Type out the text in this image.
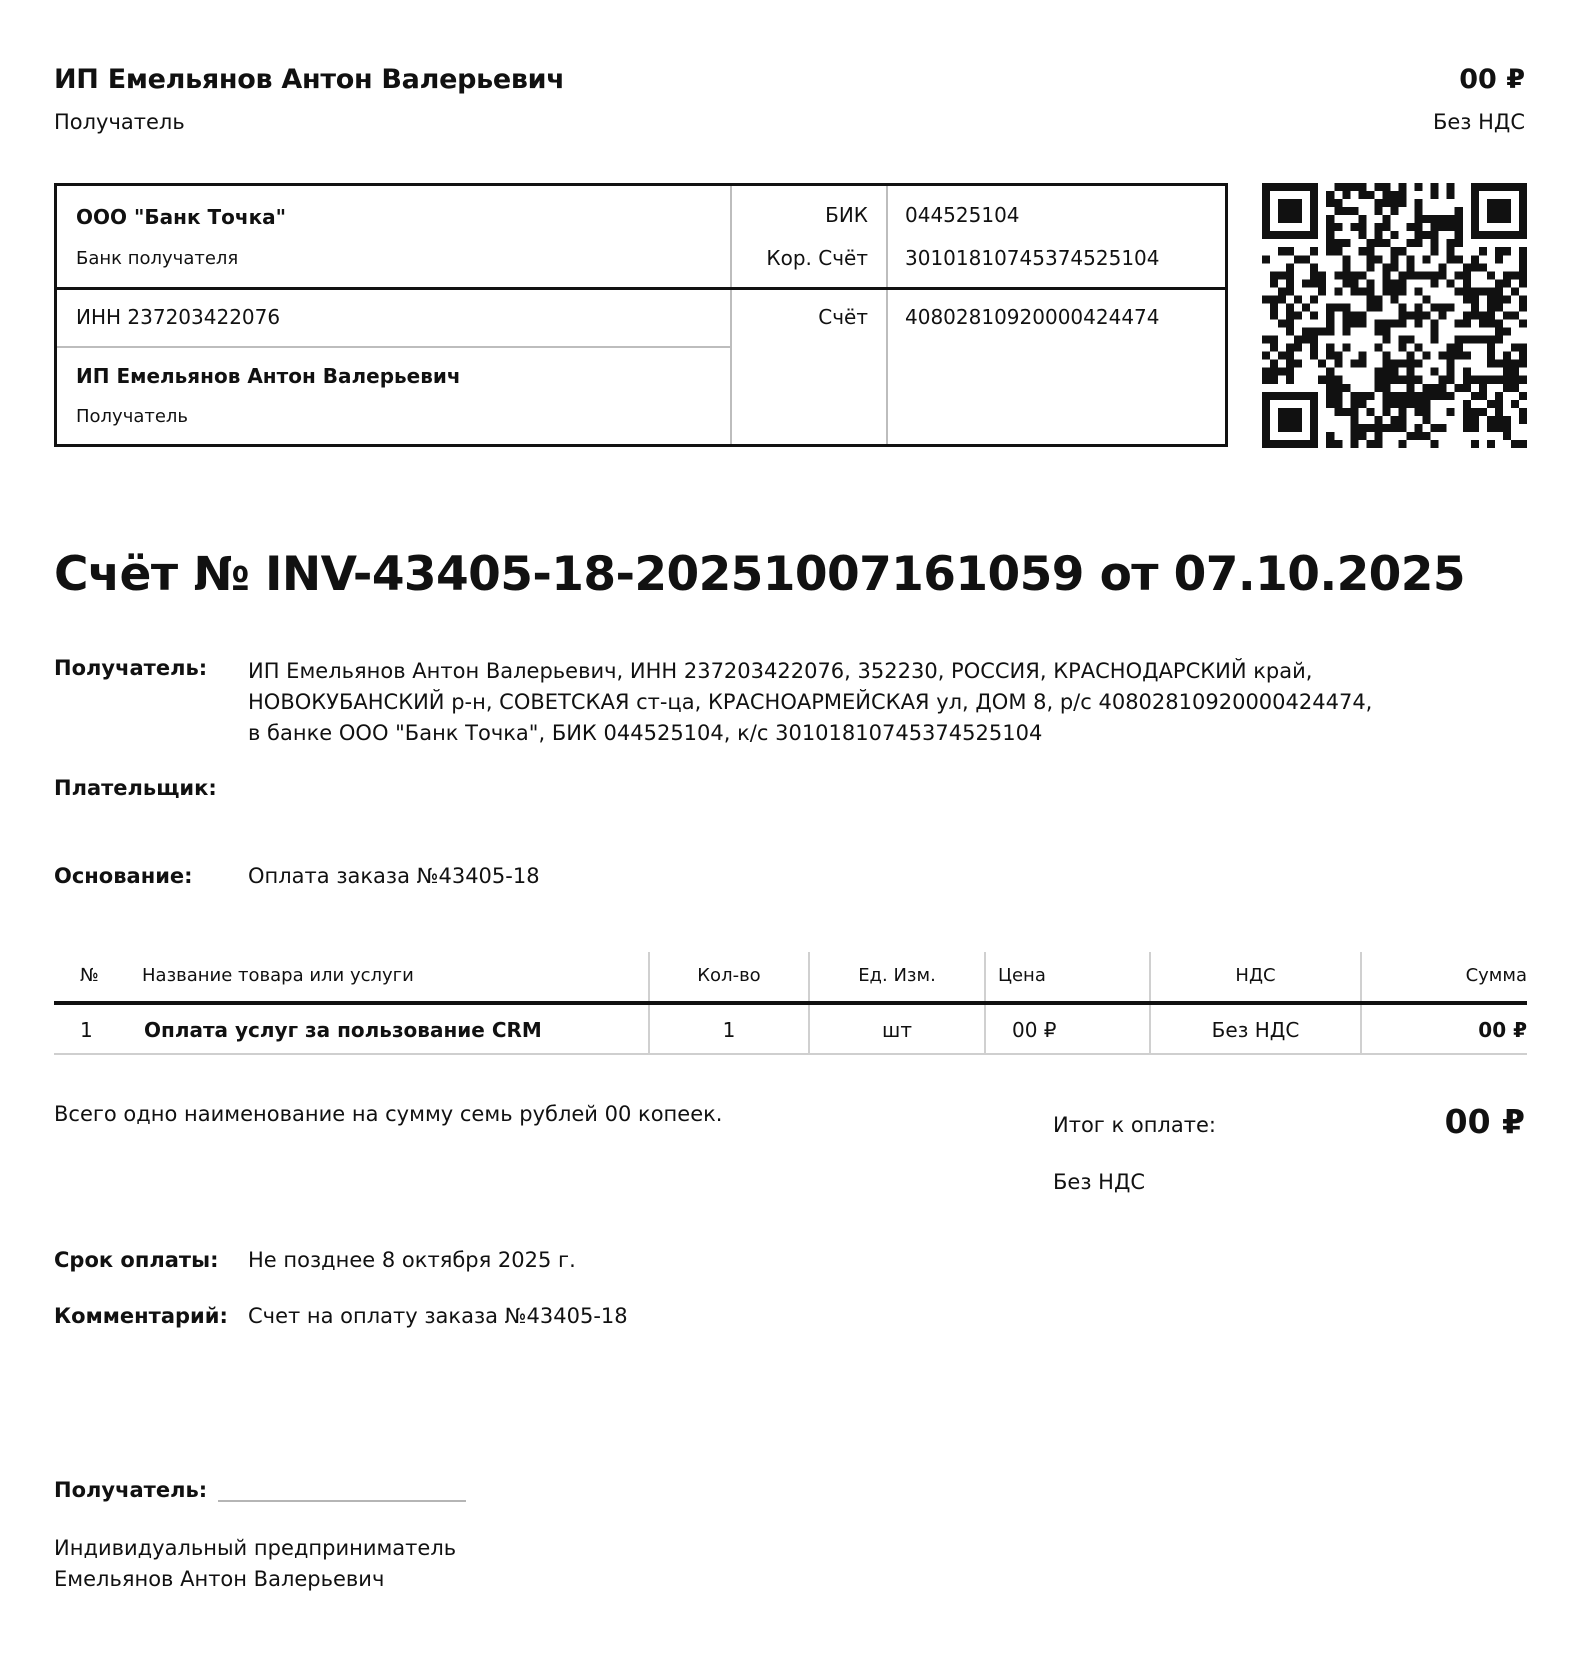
ИП Емельянов Антон Валерьевич
Получатель
00 ₽
Без НДС
ООО "Банк Точка"
Банк получателя
БИК 044525104
Кор. Счёт 30101810745374525104
ИНН 237203422076	Счёт 40802810920000424474
ИП Емельянов Антон Валерьевич
Получатель
Счёт № INV-43405-18-20251007161059 от 07.10.2025
Получатель: ИП Емельянов Антон Валерьевич, ИНН 237203422076, 352230, РОССИЯ, КРАСНОДАРСКИЙ край,
НОВОКУБАНСКИЙ р-н, СОВЕТСКАЯ ст-ца, КРАСНОАРМЕЙСКАЯ ул, ДОМ 8, р/с 40802810920000424474,
в банке ООО "Банк Точка", БИК 044525104, к/с 30101810745374525104
Плательщик:
Основание:	Оплата заказа №43405-18
№ Название товара или услуги	Кол-во	Ед. Изм.	Цена	НДС	Сумма
1	Оплата услуг за пользование CRM	1	шт	00 ₽	Без НДС	00 ₽
Всего одно наименование на сумму семь рублей 00 копеек.	Итог к оплате:	00 ₽
Без НДС
Срок оплаты: Не позднее 8 октября 2025 г.
Комментарий: Счет на оплату заказа №43405-18
Получатель:
Индивидуальный предприниматель
Емельянов Антон Валерьевич
